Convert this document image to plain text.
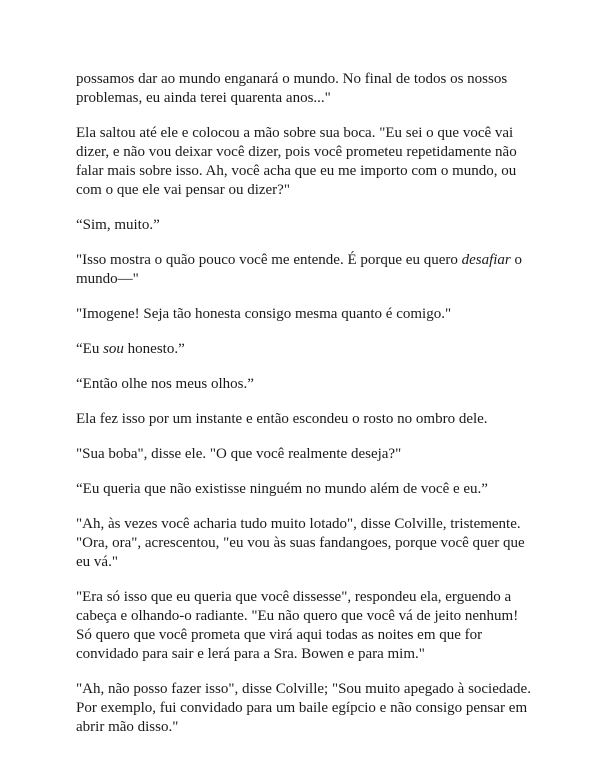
possamos dar ao mundo enganará o mundo. No final de todos os nossos problemas, eu ainda terei quarenta anos..."

Ela saltou até ele e colocou a mão sobre sua boca. "Eu sei o que você vai dizer, e não vou deixar você dizer, pois você prometeu repetidamente não falar mais sobre isso. Ah, você acha que eu me importo com o mundo, ou com o que ele vai pensar ou dizer?"

“Sim, muito.”

"Isso mostra o quão pouco você me entende. É porque eu quero desafiar o mundo—"

"Imogene! Seja tão honesta consigo mesma quanto é comigo."

“Eu sou honesto.”

“Então olhe nos meus olhos.”

Ela fez isso por um instante e então escondeu o rosto no ombro dele.

"Sua boba", disse ele. "O que você realmente deseja?"

“Eu queria que não existisse ninguém no mundo além de você e eu.”

"Ah, às vezes você acharia tudo muito lotado", disse Colville, tristemente. "Ora, ora", acrescentou, "eu vou às suas fandangoes, porque você quer que eu vá."

"Era só isso que eu queria que você dissesse", respondeu ela, erguendo a cabeça e olhando-o radiante. "Eu não quero que você vá de jeito nenhum! Só quero que você prometa que virá aqui todas as noites em que for convidado para sair e lerá para a Sra. Bowen e para mim."

"Ah, não posso fazer isso", disse Colville; "Sou muito apegado à sociedade. Por exemplo, fui convidado para um baile egípcio e não consigo pensar em abrir mão disso."
